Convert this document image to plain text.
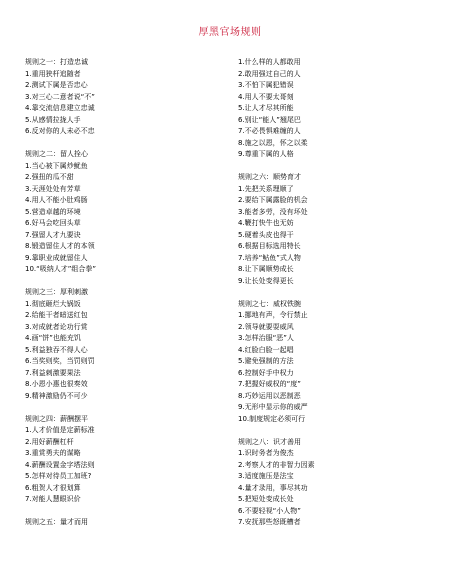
厚黑官场规则
规则之一：打造忠诚
1.重用狭杆追随者
2.测试下属是否忠心
3.对三心二意者说“不”
4.靠交流信息建立忠诚
5.从感情拉拢人手
6.反对你的人未必不忠
规则之二：留人拴心
1.当心被下属炒鱿鱼
2.强扭的瓜不甜
3.天涯处处有芳草
4.用人不能小肚鸡肠
5.营造卓越的环境
6.好马会吃回头草
7.强留人才九要诀
8.锻造留住人才的本领
9.靠职业成就留住人
10.“吸纳人才”组合拳”
规则之三：厚利刺激
1.彻底砸烂大锅饭
2.给能干者暗送红包
3.对成就者论功行赏
4.画“饼”也能充饥
5.利益独吞不得人心
6.当奖则奖，当罚则罚
7.利益刺激要果法
8.小恩小惠也很奏效
9.精神激励仍不可少
规则之四：薪酬摆平
1.人才价值是定薪标准
2.用好薪酬杠杆
3.重赏勇夫的谋略
4.薪酬设置金字塔法则
5.怎样对待员工加班?
6.粗贺人才很划算
7.对能人慧眼识价
规则之五：量才而用
1.什么样的人都敢用
2.敢用强过自己的人
3.不怕下属犯错误
4.用人不要太哥刻
5.让人才尽其所能
6.别让“能人”翘尾巴
7.不必畏惧难缠的人
8.施之以恩，怀之以柔
9.尊重下属的人格
规则之六：顺势育才
1.先把关系理顺了
2.要给下属露脸的机会
3.能者多劳，没有坏处
4.鞭打快牛也无妨
5.硬着头皮也得干
6.根据目标选用特长
7.培养“鲇鱼”式人物
8.让下属顺势成长
9.让长处变得更长
规则之七：威权铁腕
1.挪地有声，令行禁止
2.领导就要耍威风
3.怎样治服“恶”人
4.红脸白脸一起唱
5.避免强制的方法
6.控制好手中权力
7.把握好威权的“度”
8.巧妙运用以恶制恶
9.无形中显示你的威严
10.制度规定必须可行
规则之八：识才善用
1.识时务者为俊杰
2.考察人才的非智力因素
3.适度施压是法宝
4.量才录用，事尽其功
5.把短处变成长处
6.不要轻视“小人物”
7.安抚那些怒既槽者
